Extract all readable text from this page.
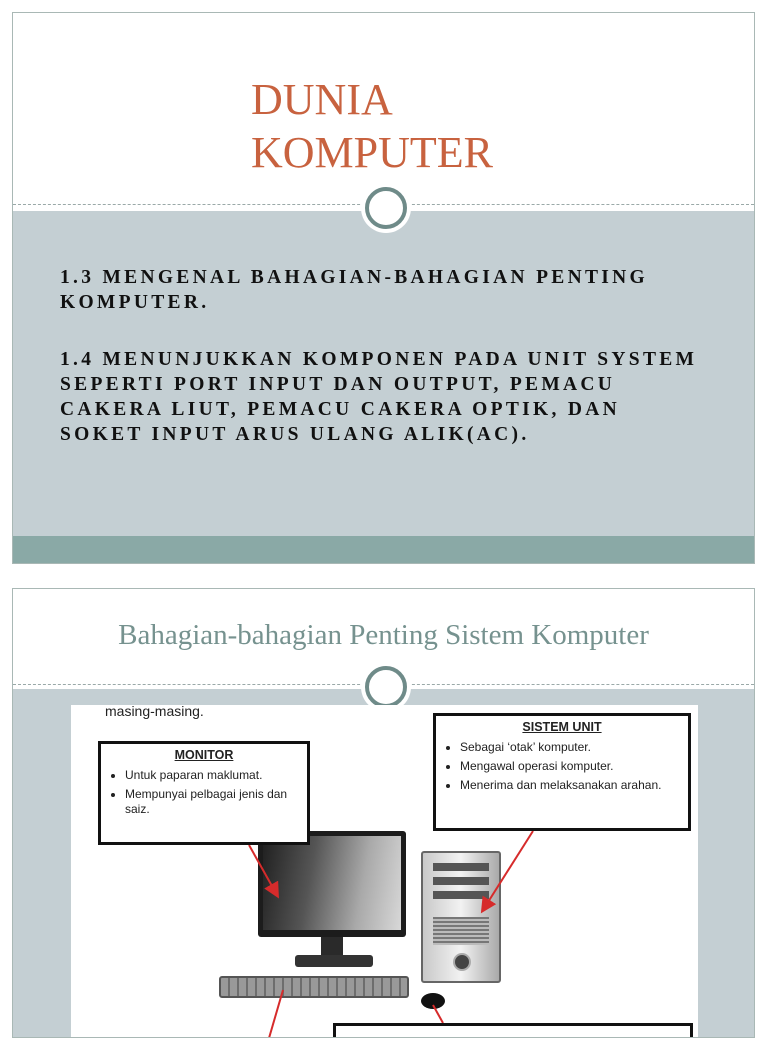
DUNIA
KOMPUTER

1.3 MENGENAL BAHAGIAN-BAHAGIAN PENTING KOMPUTER.

1.4 MENUNJUKKAN KOMPONEN PADA UNIT SYSTEM SEPERTI PORT INPUT DAN OUTPUT, PEMACU CAKERA LIUT, PEMACU CAKERA OPTIK, DAN SOKET INPUT ARUS ULANG ALIK(AC).

Bahagian-bahagian Penting Sistem Komputer
masing-masing.
MONITOR
• Untuk paparan maklumat.
• Mempunyai pelbagai jenis dan saiz.
SISTEM UNIT
• Sebagai ‘otak’ komputer.
• Mengawal operasi komputer.
• Menerima dan melaksanakan arahan.
